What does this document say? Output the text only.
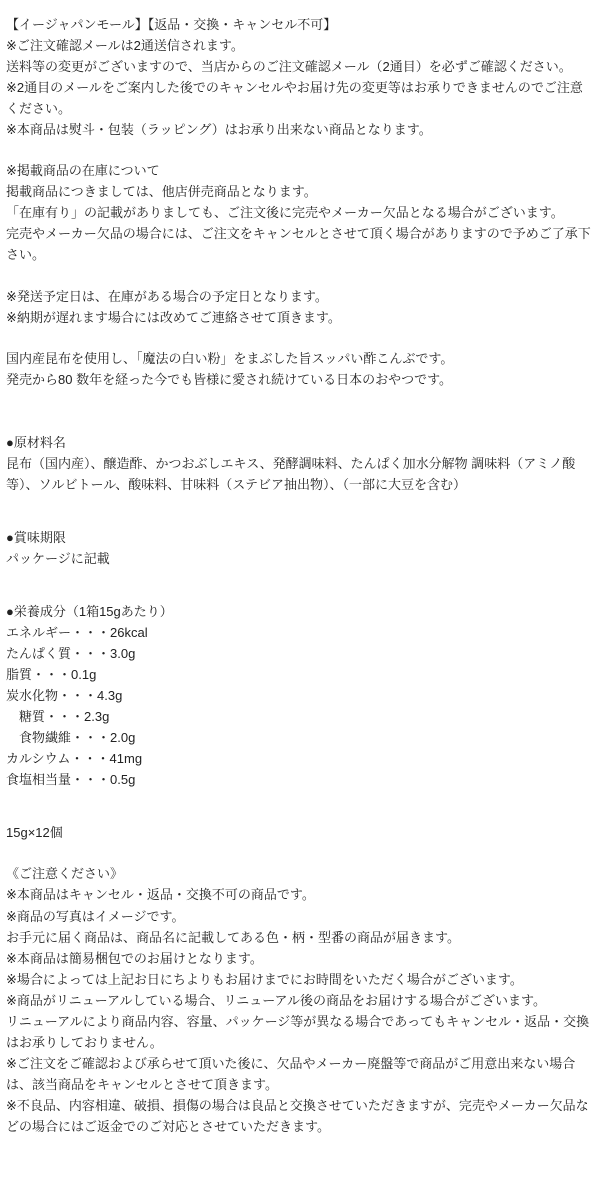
【イージャパンモール】【返品・交換・キャンセル不可】

※ご注文確認メールは2通送信されます。

送料等の変更がございますので、当店からのご注文確認メール（2通目）を必ずご確認ください。

※2通目のメールをご案内した後でのキャンセルやお届け先の変更等はお承りできませんのでご注意ください。

※本商品は熨斗・包装（ラッピング）はお承り出来ない商品となります。

※掲載商品の在庫について

掲載商品につきましては、他店併売商品となります。

「在庫有り」の記載がありましても、ご注文後に完売やメーカー欠品となる場合がございます。

完売やメーカー欠品の場合には、ご注文をキャンセルとさせて頂く場合がありますので予めご了承下さい。

※発送予定日は、在庫がある場合の予定日となります。

※納期が遅れます場合には改めてご連絡させて頂きます。

国内産昆布を使用し、「魔法の白い粉」をまぶした旨スッパい酢こんぶです。

発売から80 数年を経った今でも皆様に愛され続けている日本のおやつです。

●原材料名

昆布（国内産）、醸造酢、かつおぶしエキス、発酵調味料、たんぱく加水分解物 調味料（アミノ酸等）、ソルビトール、酸味料、甘味料（ステビア抽出物）、（一部に大豆を含む）

●賞味期限

パッケージに記載

●栄養成分（1箱15gあたり）

エネルギー・・・26kcal

たんぱく質・・・3.0g

脂質・・・0.1g

炭水化物・・・4.3g

　糖質・・・2.3g

　食物繊維・・・2.0g

カルシウム・・・41mg

食塩相当量・・・0.5g

15g×12個

《ご注意ください》

※本商品はキャンセル・返品・交換不可の商品です。

※商品の写真はイメージです。

お手元に届く商品は、商品名に記載してある色・柄・型番の商品が届きます。

※本商品は簡易梱包でのお届けとなります。

※場合によっては上記お日にちよりもお届けまでにお時間をいただく場合がございます。

※商品がリニューアルしている場合、リニューアル後の商品をお届けする場合がございます。

リニューアルにより商品内容、容量、パッケージ等が異なる場合であってもキャンセル・返品・交換はお承りしておりません。

※ご注文をご確認および承らせて頂いた後に、欠品やメーカー廃盤等で商品がご用意出来ない場合は、該当商品をキャンセルとさせて頂きます。

※不良品、内容相違、破損、損傷の場合は良品と交換させていただきますが、完売やメーカー欠品などの場合にはご返金でのご対応とさせていただきます。
